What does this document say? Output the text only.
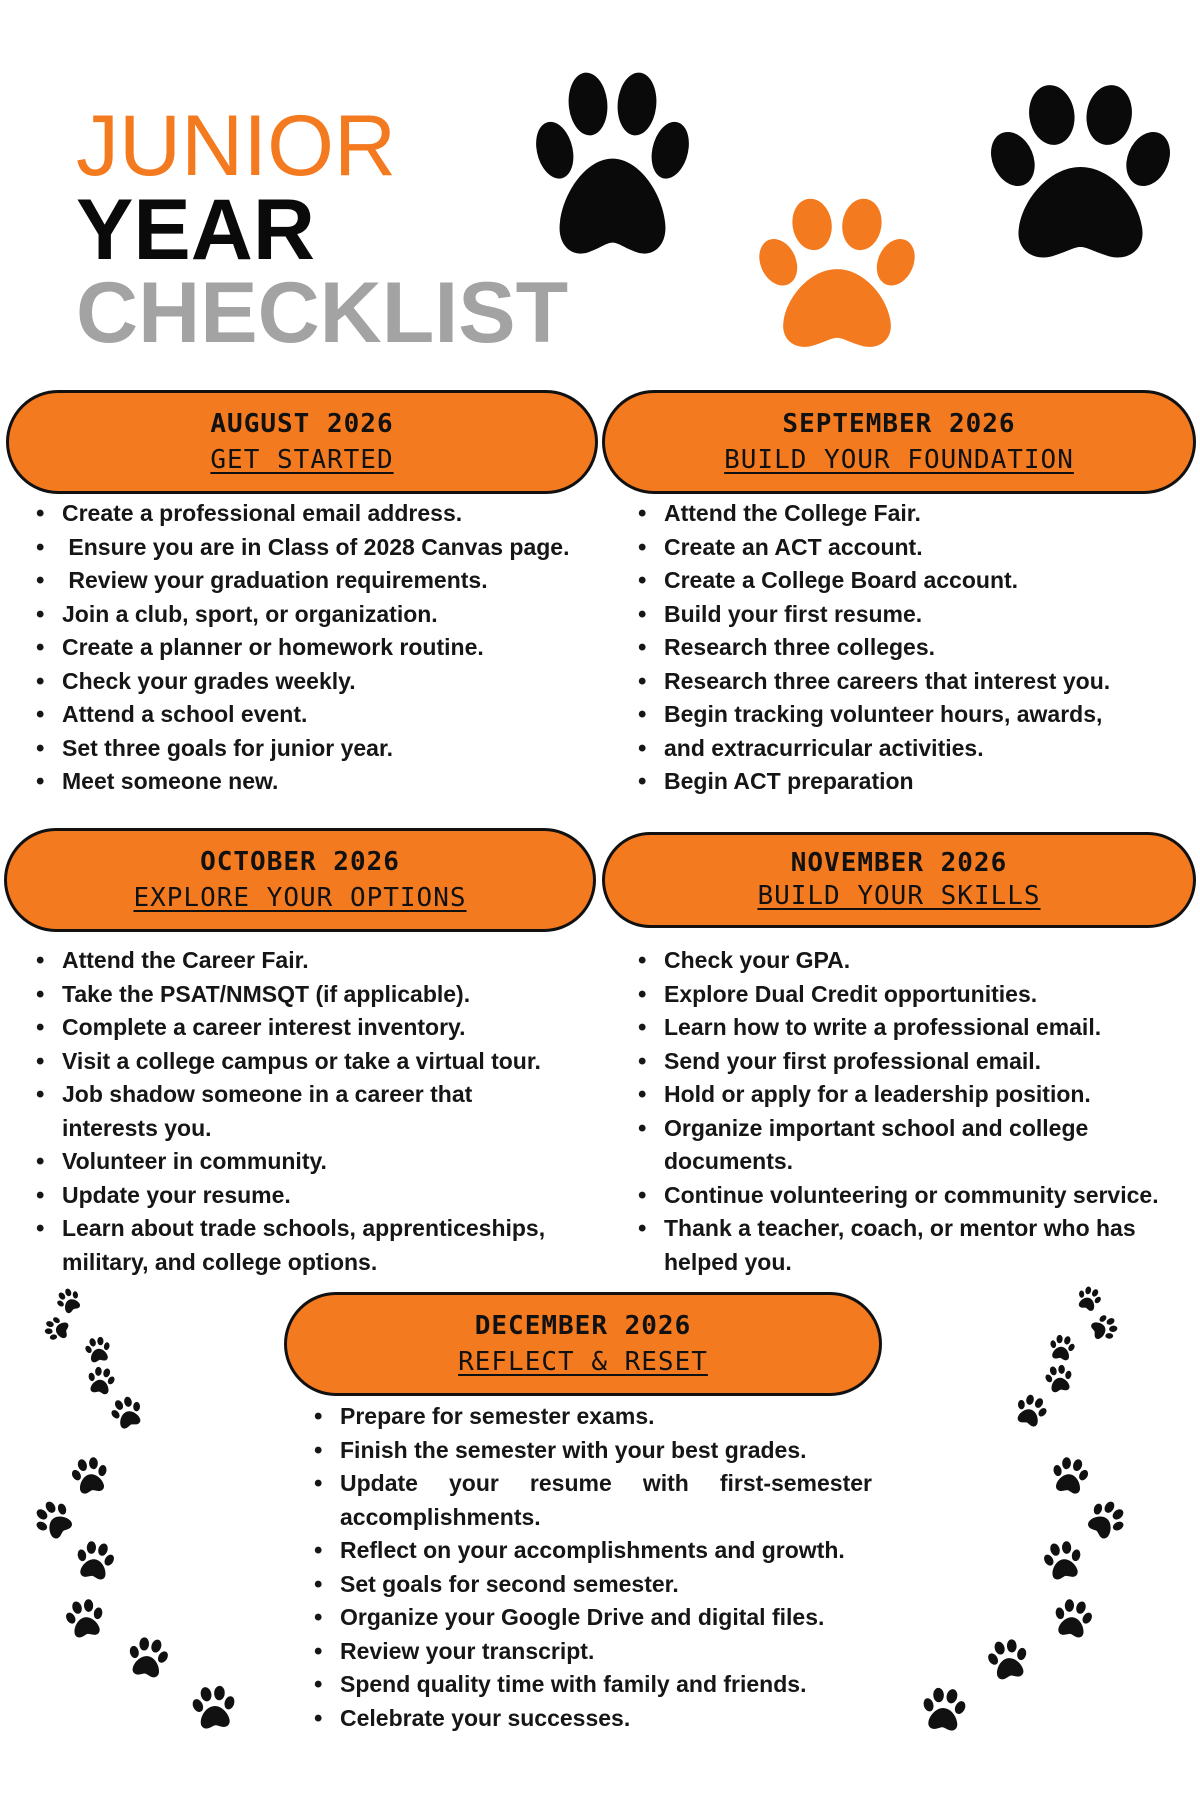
JUNIOR
YEAR
CHECKLIST
AUGUST 2026
GET STARTED
• Create a professional email address.
•  Ensure you are in Class of 2028 Canvas page.
•  Review your graduation requirements.
• Join a club, sport, or organization.
• Create a planner or homework routine.
• Check your grades weekly.
• Attend a school event.
• Set three goals for junior year.
• Meet someone new.
SEPTEMBER 2026
BUILD YOUR FOUNDATION
• Attend the College Fair.
• Create an ACT account.
• Create a College Board account.
• Build your first resume.
• Research three colleges.
• Research three careers that interest you.
• Begin tracking volunteer hours, awards,
• and extracurricular activities.
• Begin ACT preparation
OCTOBER 2026
EXPLORE YOUR OPTIONS
• Attend the Career Fair.
• Take the PSAT/NMSQT (if applicable).
• Complete a career interest inventory.
• Visit a college campus or take a virtual tour.
• Job shadow someone in a career that interests you.
• Volunteer in community.
• Update your resume.
• Learn about trade schools, apprenticeships, military, and college options.
NOVEMBER 2026
BUILD YOUR SKILLS
• Check your GPA.
• Explore Dual Credit opportunities.
• Learn how to write a professional email.
• Send your first professional email.
• Hold or apply for a leadership position.
• Organize important school and college documents.
• Continue volunteering or community service.
• Thank a teacher, coach, or mentor who has  helped you.
DECEMBER 2026
REFLECT & RESET
• Prepare for semester exams.
• Finish the semester with your best grades.
• Update your resume with first-semester accomplishments.
• Reflect on your accomplishments and growth.
• Set goals for second semester.
• Organize your Google Drive and digital files.
• Review your transcript.
• Spend quality time with family and friends.
• Celebrate your successes.
